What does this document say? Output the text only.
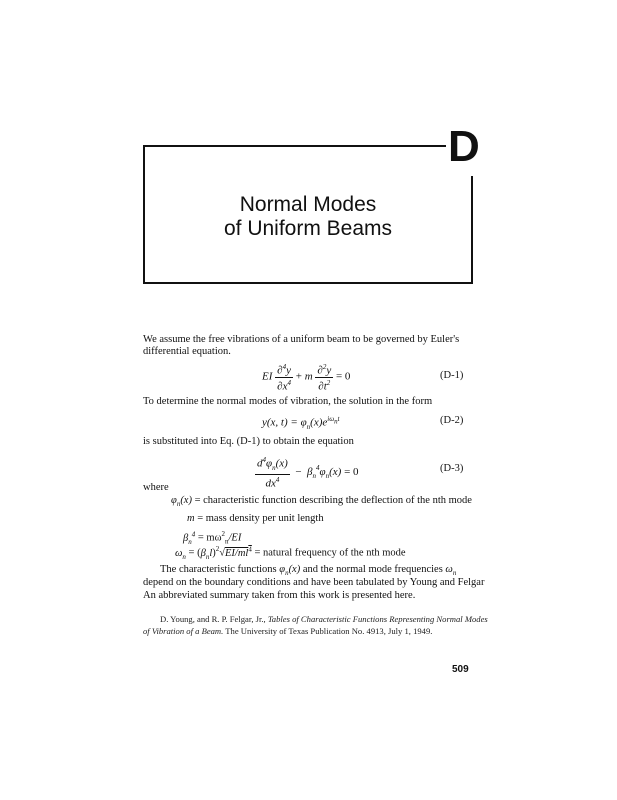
D
Normal Modes
of Uniform Beams
We assume the free vibrations of a uniform beam to be governed by Euler's
differential equation.
EI $\frac{\partial^4y}{\partial x^4} + m \frac{\partial^2y}{\partial t^2} = 0$	(D-1)
To determine the normal modes of vibration, the solution in the form
y(x, $t) = \varphi_n(x)e^{i\omega_nt}$	(D-2)
is substituted into Eq. (D-1) to obtain the equation
$\frac{d^4\varphi_n(x)}{dx^4} - \beta_n^4\varphi_n(x) = 0$	(D-3)
where
$\varphi_n(x)$ = characteristic function describing the deflection of the nth mode
m = mass density per unit length
$\beta_n^4 = m\omega^2_n/EI$
$\omega_n = (\beta_nl)^2√EI/ml^4$ = natural frequency of the nth mode
The characteristic functions $\varphi_n(x)$ and the normal mode frequencies $\omega_n$
depend on the boundary conditions and have been tabulated by Young and Felgar
An abbreviated summary taken from this work is presented here.
D. Young, and R. P. Felgar, Jr., Tables of Characteristic Functions Representing Normal Modes
of Vibration of a Beam. The University of Texas Publication No. 4913, July 1, 1949.
509
